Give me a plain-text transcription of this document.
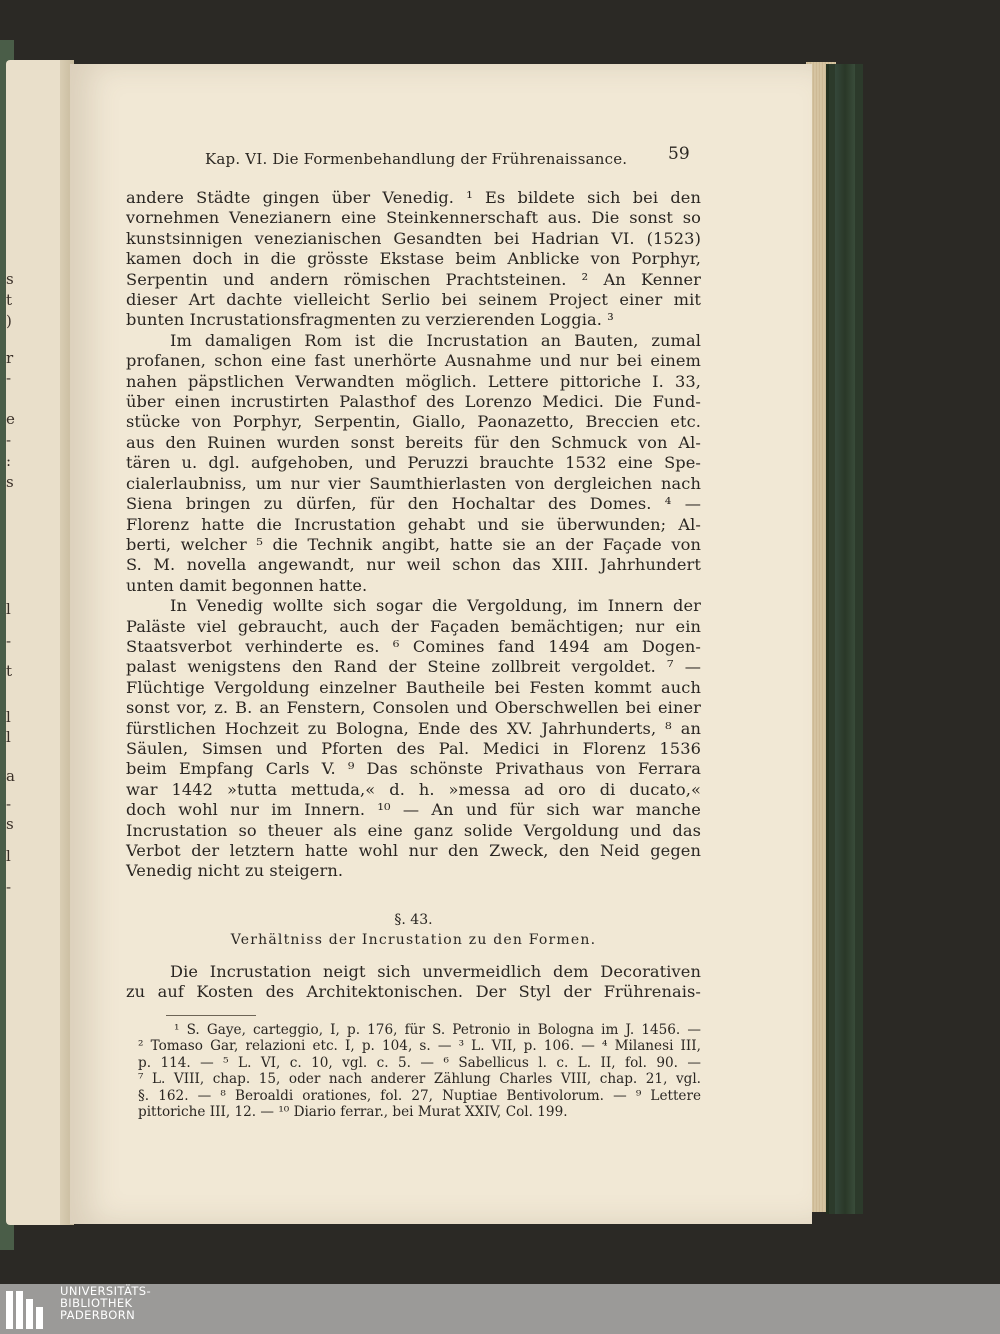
s
t
)
r
-
e
-
:
s
l
-
t
l
l
a
-
s
l
-
Kap. VI. Die Formenbehandlung der Frührenaissance.	59
andere Städte gingen über Venedig. ¹ Es bildete sich bei den
vornehmen Venezianern eine Steinkennerschaft aus. Die sonst so
kunstsinnigen venezianischen Gesandten bei Hadrian VI. (1523)
kamen doch in die grösste Ekstase beim Anblicke von Porphyr,
Serpentin und andern römischen Prachtsteinen. ² An Kenner
dieser Art dachte vielleicht Serlio bei seinem Project einer mit
bunten Incrustationsfragmenten zu verzierenden Loggia. ³
Im damaligen Rom ist die Incrustation an Bauten, zumal
profanen, schon eine fast unerhörte Ausnahme und nur bei einem
nahen päpstlichen Verwandten möglich. Lettere pittoriche I. 33,
über einen incrustirten Palasthof des Lorenzo Medici. Die Fund-
stücke von Porphyr, Serpentin, Giallo, Paonazetto, Breccien etc.
aus den Ruinen wurden sonst bereits für den Schmuck von Al-
tären u. dgl. aufgehoben, und Peruzzi brauchte 1532 eine Spe-
cialerlaubniss, um nur vier Saumthierlasten von dergleichen nach
Siena bringen zu dürfen, für den Hochaltar des Domes. ⁴ —
Florenz hatte die Incrustation gehabt und sie überwunden; Al-
berti, welcher ⁵ die Technik angibt, hatte sie an der Façade von
S. M. novella angewandt, nur weil schon das XIII. Jahrhundert
unten damit begonnen hatte.
In Venedig wollte sich sogar die Vergoldung, im Innern der
Paläste viel gebraucht, auch der Façaden bemächtigen; nur ein
Staatsverbot verhinderte es. ⁶ Comines fand 1494 am Dogen-
palast wenigstens den Rand der Steine zollbreit vergoldet. ⁷ —
Flüchtige Vergoldung einzelner Bautheile bei Festen kommt auch
sonst vor, z. B. an Fenstern, Consolen und Oberschwellen bei einer
fürstlichen Hochzeit zu Bologna, Ende des XV. Jahrhunderts, ⁸ an
Säulen, Simsen und Pforten des Pal. Medici in Florenz 1536
beim Empfang Carls V. ⁹ Das schönste Privathaus von Ferrara
war 1442 »tutta mettuda,« d. h. »messa ad oro di ducato,«
doch wohl nur im Innern. ¹⁰ — An und für sich war manche
Incrustation so theuer als eine ganz solide Vergoldung und das
Verbot der letztern hatte wohl nur den Zweck, den Neid gegen
Venedig nicht zu steigern.
§. 43.
Verhältniss der Incrustation zu den Formen.
Die Incrustation neigt sich unvermeidlich dem Decorativen
zu auf Kosten des Architektonischen. Der Styl der Frührenais-
¹ S. Gaye, carteggio, I, p. 176, für S. Petronio in Bologna im J. 1456. —
² Tomaso Gar, relazioni etc. I, p. 104, s. — ³ L. VII, p. 106. — ⁴ Milanesi III,
p. 114. — ⁵ L. VI, c. 10, vgl. c. 5. — ⁶ Sabellicus l. c. L. II, fol. 90. —
⁷ L. VIII, chap. 15, oder nach anderer Zählung Charles VIII, chap. 21, vgl.
§. 162. — ⁸ Beroaldi orationes, fol. 27, Nuptiae Bentivolorum. — ⁹ Lettere
pittoriche III, 12. — ¹⁰ Diario ferrar., bei Murat XXIV, Col. 199.
UNIVERSITÄTS-
BIBLIOTHEK
PADERBORN
